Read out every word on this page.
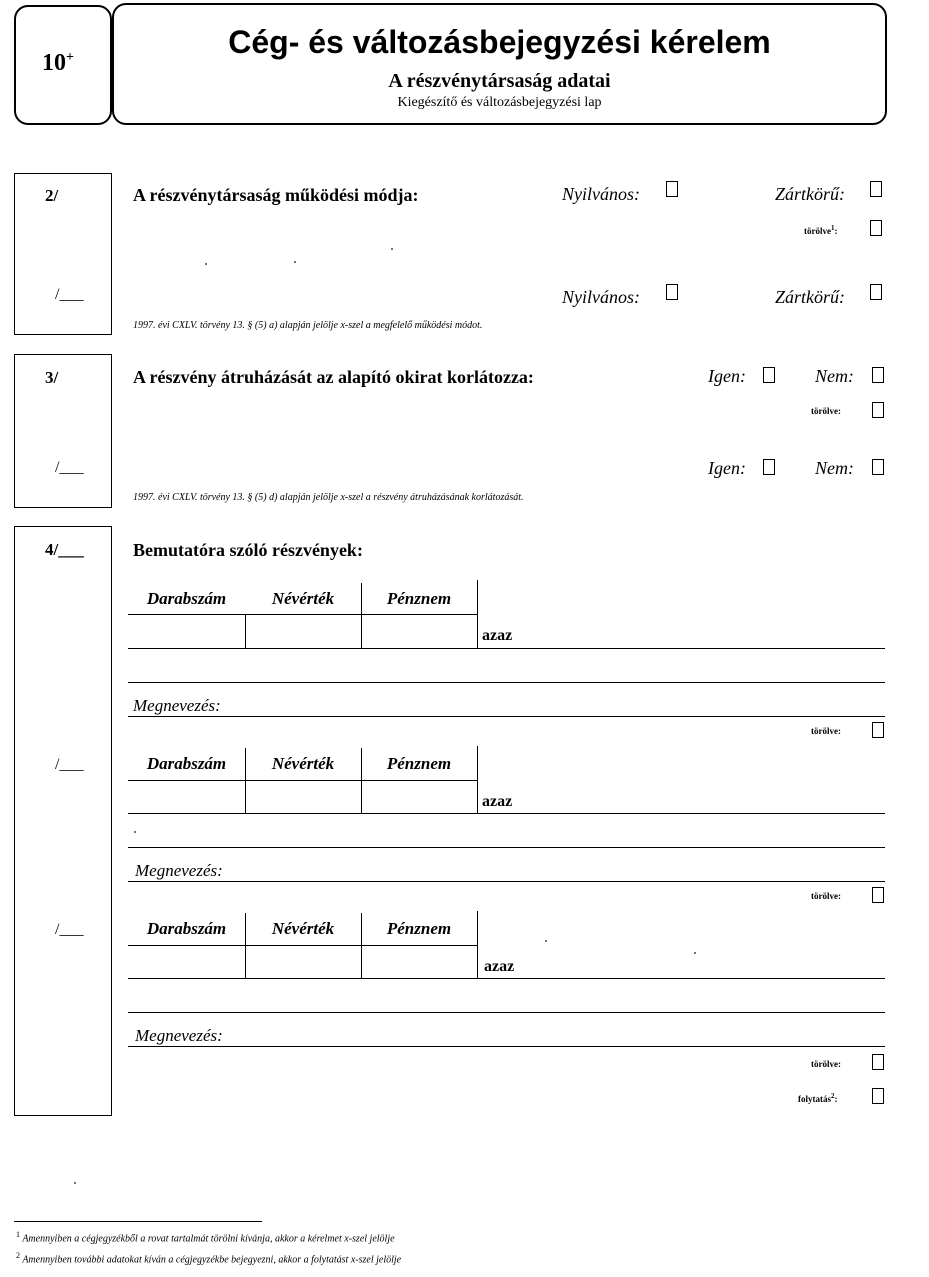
10+	Cég- és változásbejegyzési kérelem
A részvénytársaság adatai
Kiegészítő és változásbejegyzési lap
2/
/___
A részvénytársaság működési módja:	Nyilvános:	Zártkörű:
törölve$^1$:
Nyilvános:	Zártkörű:
1997. évi CXLV. törvény 13. § (5) a) alapján jelölje x-szel a megfelelő működési módot.
3/
/___
A részvény átruházását az alapító okirat korlátozza:	Igen:	Nem:
törölve:
Igen:	Nem:
1997. évi CXLV. törvény 13. § (5) d) alapján jelölje x-szel a részvény átruházásának korlátozását.
4/___
/___
/___
Bemutatóra szóló részvények:
Darabszám	Névérték	Pénznem
azaz
Megnevezés:
törölve:
Darabszám	Névérték	Pénznem
azaz
Megnevezés:
törölve:
Darabszám	Névérték	Pénznem
azaz
Megnevezés:
törölve:
folytatás$^2$:
$^1$ Amennyiben a cégjegyzékből a rovat tartalmát törölni kívánja, akkor a kérelmet x-szel jelölje
$^2$ Amennyiben további adatokat kíván a cégjegyzékbe bejegyezni, akkor a folytatást x-szel jelölje
